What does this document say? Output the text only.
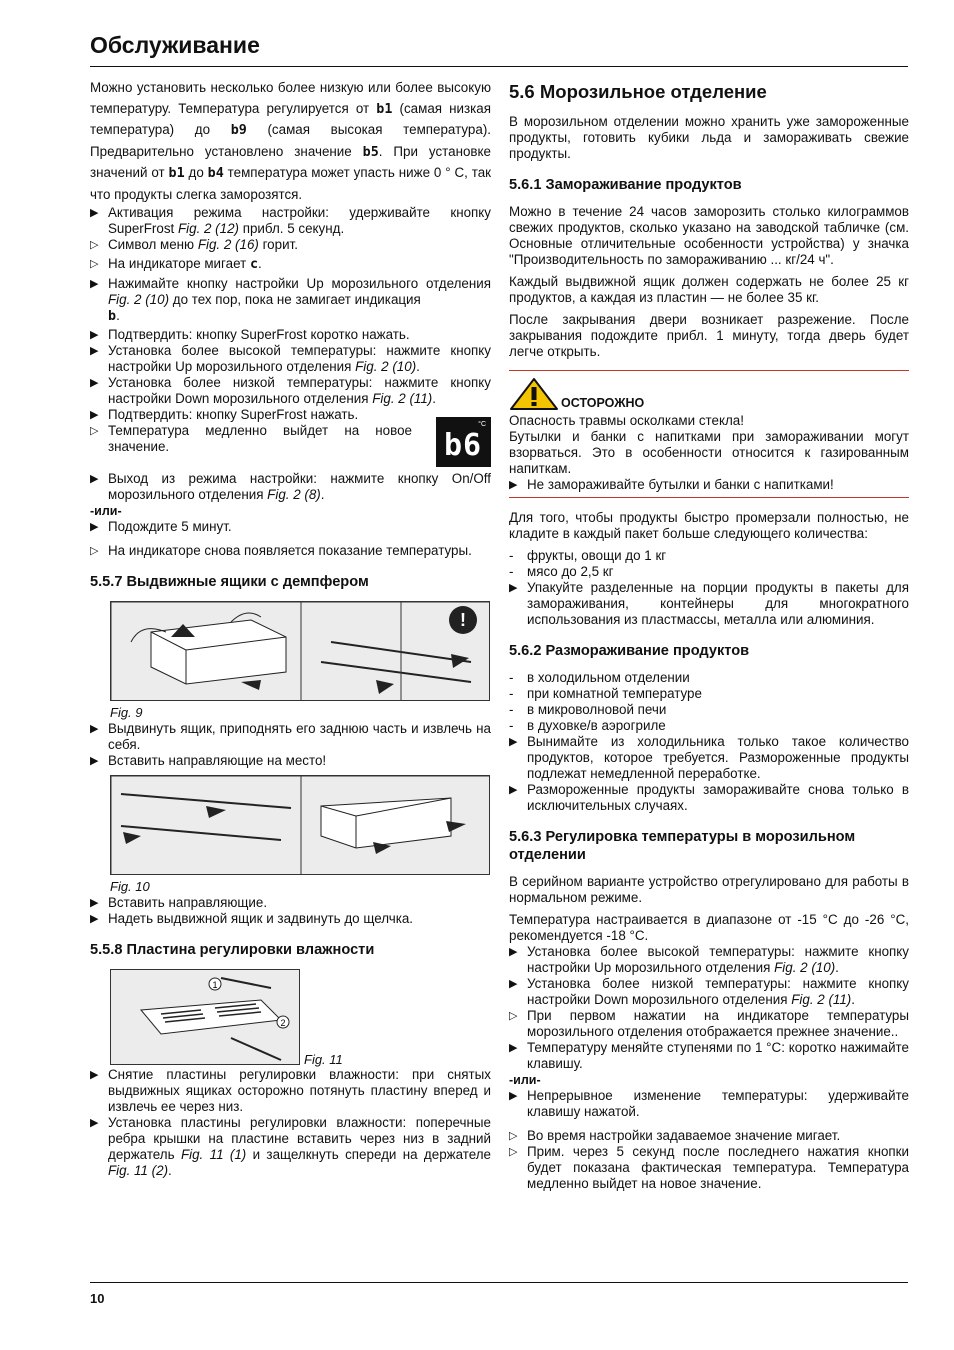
Обслуживание

Можно установить несколько более низкую или более высокую температуру. Температура регулируется от b1 (самая низкая температура) до b9 (самая высокая температура). Предварительно установлено значение b5. При установке значений от b1 до b4 температура может упасть ниже 0 ° C, так что продукты слегка заморозятся.

▶ Активация режима настройки: удерживайте кнопку SuperFrost Fig. 2 (12) прибл. 5 секунд.
▷ Символ меню Fig. 2 (16) горит.
▷ На индикаторе мигает c.
▶ Нажимайте кнопку настройки Up морозильного отделения Fig. 2 (10) до тех пор, пока не замигает индикация
b.
▶ Подтвердить: кнопку SuperFrost коротко нажать.
▶ Установка более высокой температуры: нажмите кнопку настройки Up морозильного отделения Fig. 2 (10).
▶ Установка более низкой температуры: нажмите кнопку настройки Down морозильного отделения Fig. 2 (11).
▶ Подтвердить: кнопку SuperFrost нажать.
▷ Температура медленно выйдет на новое значение.
°C
b6
▶ Выход из режима настройки: нажмите кнопку On/Off морозильного отделения Fig. 2 (8).
-или-
▶ Подождите 5 минут.
▷ На индикаторе снова появляется показание температуры.
5.5.7 Выдвижные ящики с демпфером
!
Fig. 9
▶ Выдвинуть ящик, приподнять его заднюю часть и извлечь на себя.
▶ Вставить направляющие на место!
Fig. 10
▶ Вставить направляющие.
▶ Надеть выдвижной ящик и задвинуть до щелчка.
5.5.8 Пластина регулировки влажности
1
2
Fig. 11
▶ Снятие пластины регулировки влажности: при снятых выдвижных ящиках осторожно потянуть пластину вперед и извлечь ее через низ.
▶ Установка пластины регулировки влажности: поперечные ребра крышки на пластине вставить через низ в задний держатель Fig. 11 (1) и защелкнуть спереди на держателе Fig. 11 (2).
5.6 Морозильное отделение

В морозильном отделении можно хранить уже замороженные продукты, готовить кубики льда и замораживать свежие продукты.

5.6.1 Замораживание продуктов

Можно в течение 24 часов заморозить столько килограммов свежих продуктов, сколько указано на заводской табличке (см. Основные отличительные особенности устройства) у значка "Производительность по замораживанию ... кг/24 ч".

Каждый выдвижной ящик должен содержать не более 25 кг продуктов, а каждая из пластин — не более 35 кг.

После закрывания двери возникает разрежение. После закрывания подождите прибл. 1 минуту, тогда дверь будет легче открыть.

ОСТОРОЖНО
Опасность травмы осколками стекла!
Бутылки и банки с напитками при замораживании могут взорваться. Это в особенности относится к газированным напиткам.
▶ Не замораживайте бутылки и банки с напитками!

Для того, чтобы продукты быстро промерзали полностью, не кладите в каждый пакет больше следующего количества:

-	фрукты, овощи до 1 кг
-	мясо до 2,5 кг
▶ Упакуйте разделенные на порции продукты в пакеты для замораживания, контейнеры для многократного использования из пластмассы, металла или алюминия.
5.6.2 Размораживание продуктов
-	в холодильном отделении
-	при комнатной температуре
-	в микроволновой печи
-	в духовке/в аэрогриле
▶ Вынимайте из холодильника только такое количество продуктов, которое требуется. Размороженные продукты подлежат немедленной переработке.
▶ Размороженные продукты замораживайте снова только в исключительных случаях.
5.6.3 Регулировка температуры в морозильном отделении

В серийном варианте устройство отрегулировано для работы в нормальном режиме.

Температура настраивается в диапазоне от -15 °C до -26 °C, рекомендуется -18 °C.

▶ Установка более высокой температуры: нажмите кнопку настройки Up морозильного отделения Fig. 2 (10).
▶ Установка более низкой температуры: нажмите кнопку настройки Down морозильного отделения Fig. 2 (11).
▷ При первом нажатии на индикаторе температуры морозильного отделения отображается прежнее значение..
▶ Температуру меняйте ступенями по 1 °C: коротко нажимайте клавишу.
-или-
▶ Непрерывное изменение температуры: удерживайте клавишу нажатой.
▷ Во время настройки задаваемое значение мигает.
▷ Прим. через 5 секунд после последнего нажатия кнопки будет показана фактическая температура. Температура медленно выйдет на новое значение.
10
